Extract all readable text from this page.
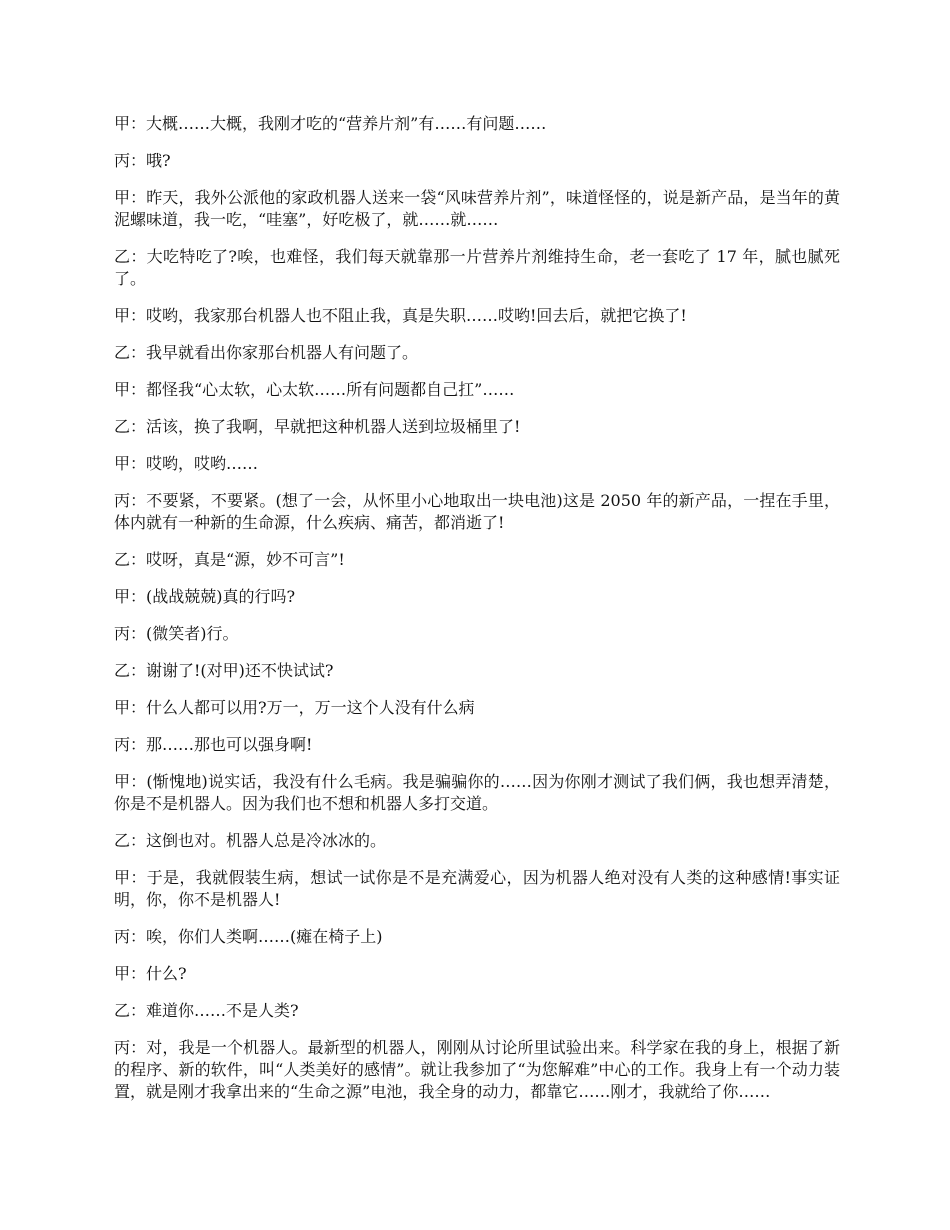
甲：大概……大概，我刚才吃的“营养片剂”有……有问题……

丙：哦?

甲：昨天，我外公派他的家政机器人送来一袋“风味营养片剂”，味道怪怪的，说是新产品，是当年的黄泥螺味道，我一吃，“哇塞”，好吃极了，就……就……

乙：大吃特吃了?唉，也难怪，我们每天就靠那一片营养片剂维持生命，老一套吃了 17 年，腻也腻死了。

甲：哎哟，我家那台机器人也不阻止我，真是失职……哎哟!回去后，就把它换了!

乙：我早就看出你家那台机器人有问题了。

甲：都怪我“心太软，心太软……所有问题都自己扛”……

乙：活该，换了我啊，早就把这种机器人送到垃圾桶里了!

甲：哎哟，哎哟……

丙：不要紧，不要紧。(想了一会，从怀里小心地取出一块电池)这是 2050 年的新产品，一捏在手里，体内就有一种新的生命源，什么疾病、痛苦，都消逝了!

乙：哎呀，真是“源，妙不可言”!

甲：(战战兢兢)真的行吗?

丙：(微笑者)行。

乙：谢谢了!(对甲)还不快试试?

甲：什么人都可以用?万一，万一这个人没有什么病

丙：那……那也可以强身啊!

甲：(惭愧地)说实话，我没有什么毛病。我是骗骗你的……因为你刚才测试了我们俩，我也想弄清楚，你是不是机器人。因为我们也不想和机器人多打交道。

乙：这倒也对。机器人总是冷冰冰的。

甲：于是，我就假装生病，想试一试你是不是充满爱心，因为机器人绝对没有人类的这种感情!事实证明，你，你不是机器人!

丙：唉，你们人类啊……(瘫在椅子上)

甲：什么?

乙：难道你……不是人类?

丙：对，我是一个机器人。最新型的机器人，刚刚从讨论所里试验出来。科学家在我的身上，根据了新的程序、新的软件，叫“人类美好的感情”。就让我参加了“为您解难”中心的工作。我身上有一个动力装置，就是刚才我拿出来的“生命之源”电池，我全身的动力，都靠它……刚才，我就给了你……
